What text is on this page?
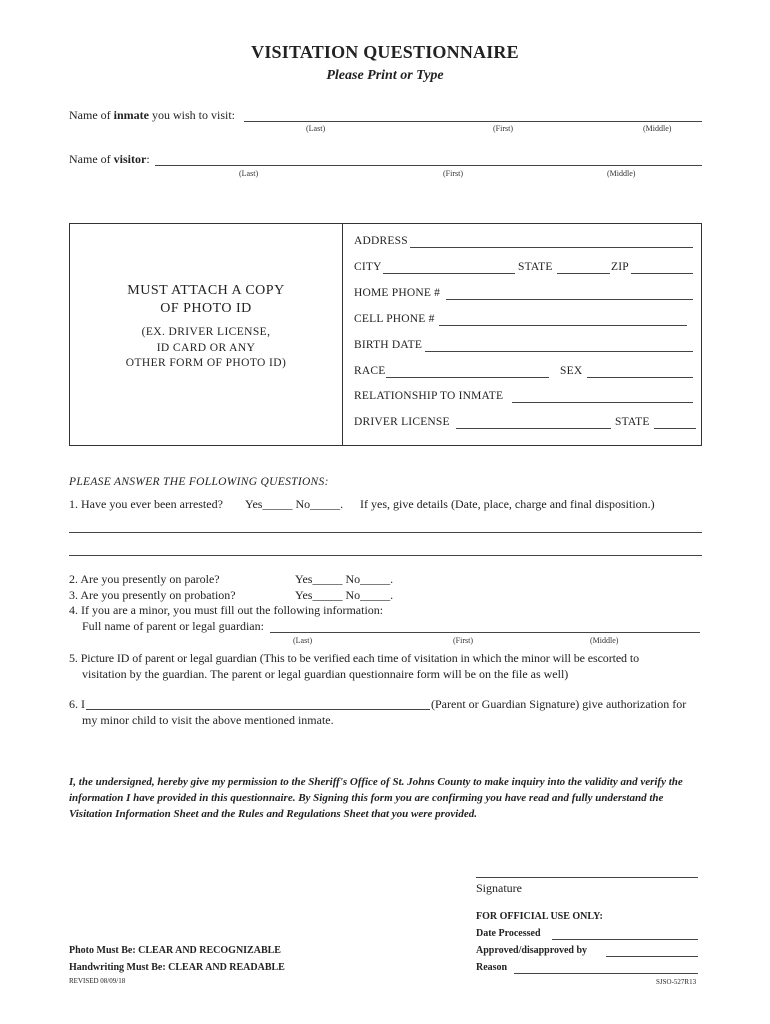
VISITATION QUESTIONNAIRE
Please Print or Type
Name of inmate you wish to visit:
(Last)	(First)	(Middle)
Name of visitor:
(Last)	(First)	(Middle)
MUST ATTACH A COPY
OF PHOTO ID
(EX. DRIVER LICENSE,
ID CARD OR ANY
OTHER FORM OF PHOTO ID)
ADDRESS
CITY	STATE	ZIP
HOME PHONE #
CELL PHONE #
BIRTH DATE
RACE	SEX
RELATIONSHIP TO INMATE
DRIVER LICENSE	STATE
PLEASE ANSWER THE FOLLOWING QUESTIONS:
1. Have you ever been arrested? Yes_____ No_____. If yes, give details (Date, place, charge and final disposition.)
2. Are you presently on parole?	Yes_____ No_____.
3. Are you presently on probation?	Yes_____ No_____.
4. If you are a minor, you must fill out the following information:
Full name of parent or legal guardian:
(Last)	(First)	(Middle)
5. Picture ID of parent or legal guardian (This to be verified each time of visitation in which the minor will be escorted to
visitation by the guardian. The parent or legal guardian questionnaire form will be on the file as well)
6. I	(Parent or Guardian Signature) give authorization for
my minor child to visit the above mentioned inmate.
I, the undersigned, hereby give my permission to the Sheriff's Office of St. Johns County to make inquiry into the validity and verify the information I have provided in this questionnaire. By Signing this form you are confirming you have read and fully understand the Visitation Information Sheet and the Rules and Regulations Sheet that you were provided.
Signature
FOR OFFICIAL USE ONLY:
Date Processed
Approved/disapproved by
Reason
Photo Must Be: CLEAR AND RECOGNIZABLE
Handwriting Must Be: CLEAR AND READABLE
REVISED 08/09/18	SJSO-527R13
